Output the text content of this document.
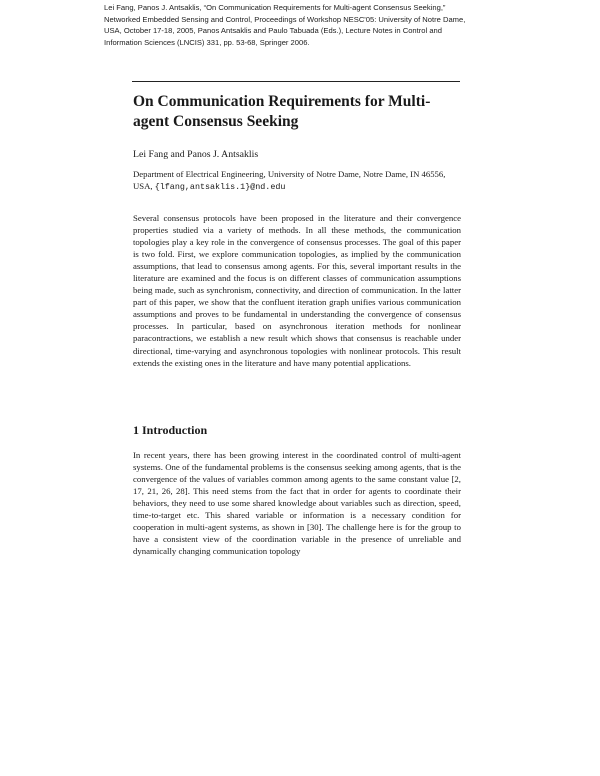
Lei Fang, Panos J. Antsaklis, “On Communication Requirements for Multi-agent Consensus Seeking,” Networked Embedded Sensing and Control, Proceedings of Workshop NESC'05: University of Notre Dame, USA, October 17-18, 2005, Panos Antsaklis and Paulo Tabuada (Eds.), Lecture Notes in Control and Information Sciences (LNCIS) 331, pp. 53-68, Springer 2006.
On Communication Requirements for Multi-agent Consensus Seeking
Lei Fang and Panos J. Antsaklis
Department of Electrical Engineering, University of Notre Dame, Notre Dame, IN 46556, USA, {lfang,antsaklis.1}@nd.edu

Several consensus protocols have been proposed in the literature and their convergence properties studied via a variety of methods. In all these methods, the communication topologies play a key role in the convergence of consensus processes. The goal of this paper is two fold. First, we explore communication topologies, as implied by the communication assumptions, that lead to consensus among agents. For this, several important results in the literature are examined and the focus is on different classes of communication assumptions being made, such as synchronism, connectivity, and direction of communication. In the latter part of this paper, we show that the confluent iteration graph unifies various communication assumptions and proves to be fundamental in understanding the convergence of consensus processes. In particular, based on asynchronous iteration methods for nonlinear paracontractions, we establish a new result which shows that consensus is reachable under directional, time-varying and asynchronous topologies with nonlinear protocols. This result extends the existing ones in the literature and have many potential applications.

1 Introduction

In recent years, there has been growing interest in the coordinated control of multi-agent systems. One of the fundamental problems is the consensus seeking among agents, that is the convergence of the values of variables common among agents to the same constant value [2, 17, 21, 26, 28]. This need stems from the fact that in order for agents to coordinate their behaviors, they need to use some shared knowledge about variables such as direction, speed, time-to-target etc. This shared variable or information is a necessary condition for cooperation in multi-agent systems, as shown in [30]. The challenge here is for the group to have a consistent view of the coordination variable in the presence of unreliable and dynamically changing communication topology
